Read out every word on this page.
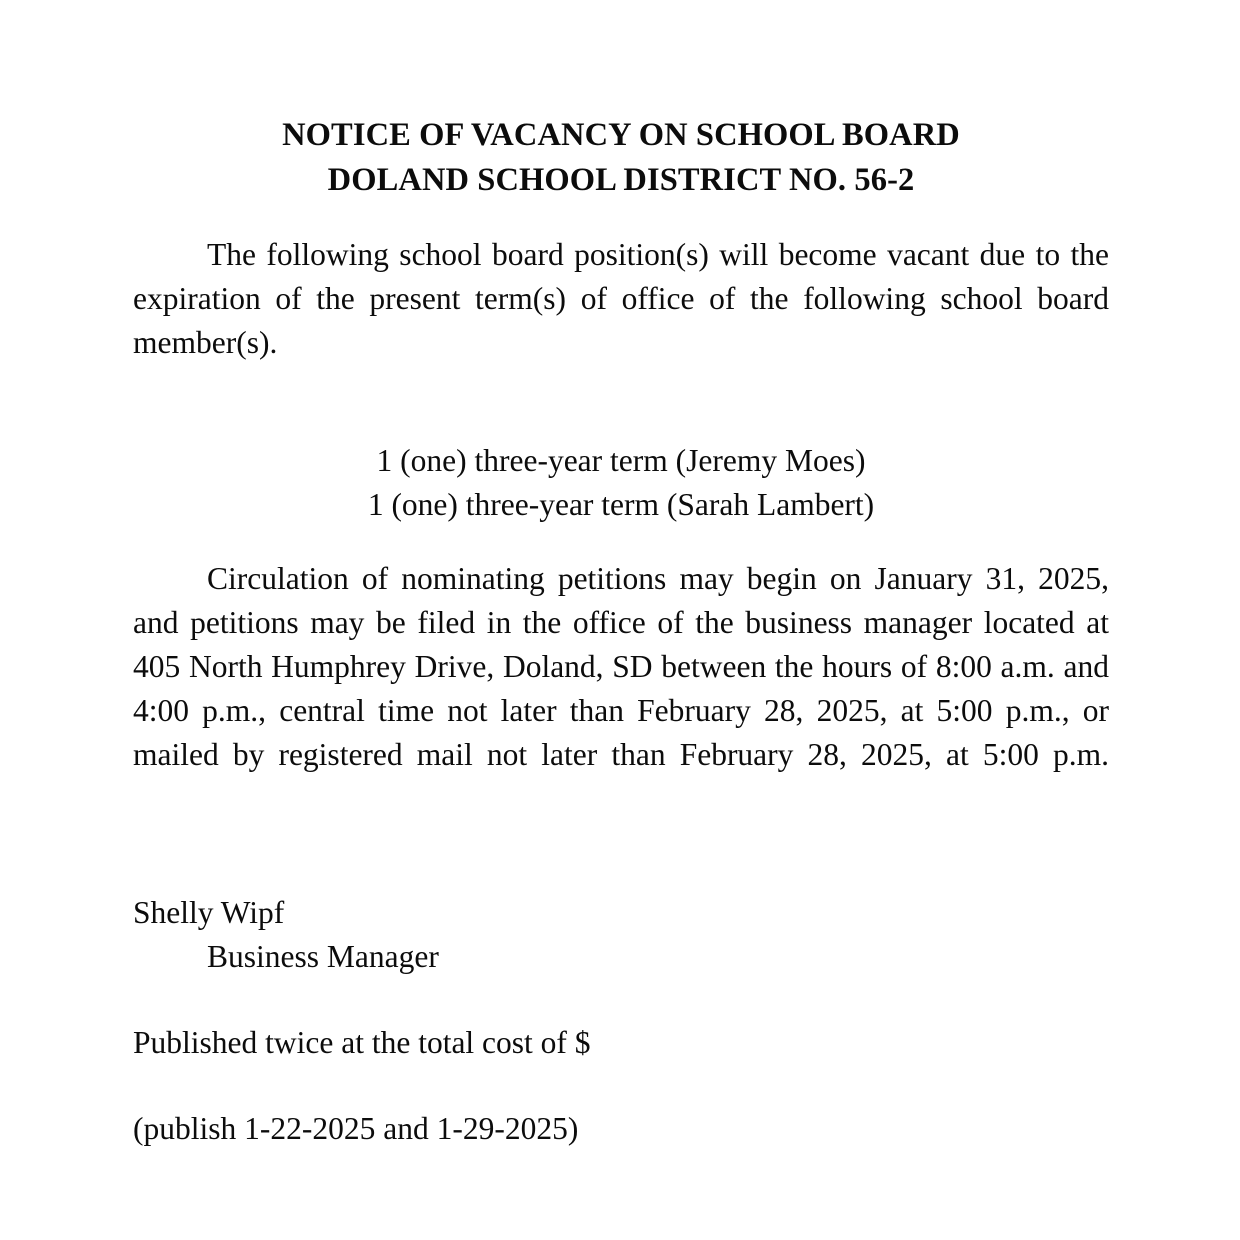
NOTICE OF VACANCY ON SCHOOL BOARD
DOLAND SCHOOL DISTRICT NO. 56-2

The following school board position(s) will become vacant due to the expiration of the present term(s) of office of the following school board member(s).

1 (one) three-year term (Jeremy Moes)
1 (one) three-year term (Sarah Lambert)

Circulation of nominating petitions may begin on January 31, 2025, and petitions may be filed in the office of the business manager located at 405 North Humphrey Drive, Doland, SD between the hours of 8:00 a.m. and 4:00 p.m., central time not later than February 28, 2025, at 5:00 p.m., or mailed by registered mail not later than February 28, 2025, at 5:00 p.m.

Shelly Wipf
Business Manager
Published twice at the total cost of $
(publish 1-22-2025 and 1-29-2025)
